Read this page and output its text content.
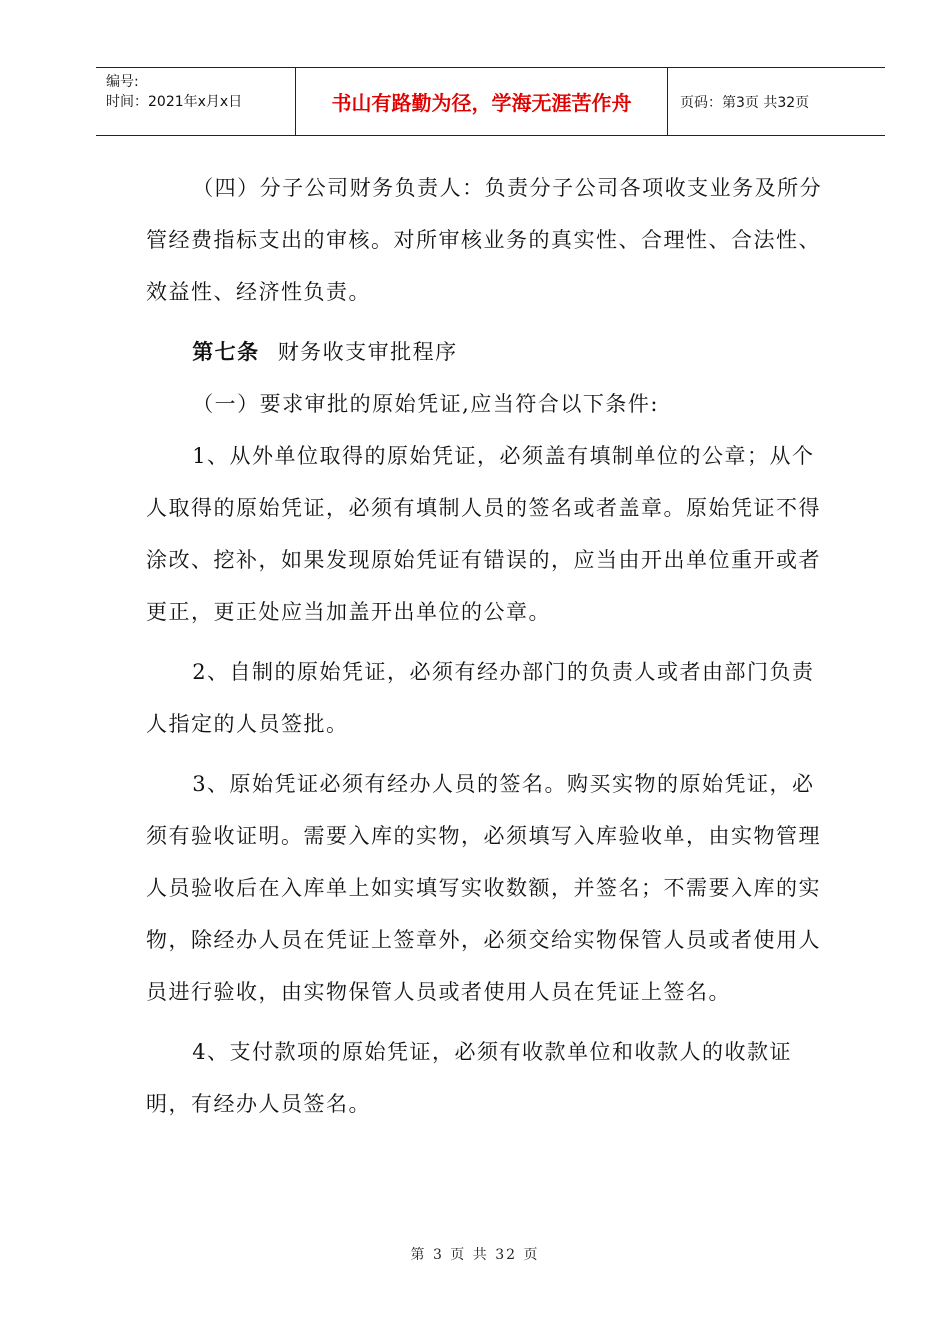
编号:
时间：2021年x月x日	书山有路勤为径，学海无涯苦作舟	页码：第3页 共32页

（四）分子公司财务负责人：负责分子公司各项收支业务及所分管经费指标支出的审核。对所审核业务的真实性、合理性、合法性、效益性、经济性负责。

第七条 财务收支审批程序

（一）要求审批的原始凭证,应当符合以下条件:

1、从外单位取得的原始凭证，必须盖有填制单位的公章；从个人取得的原始凭证，必须有填制人员的签名或者盖章。原始凭证不得涂改、挖补，如果发现原始凭证有错误的，应当由开出单位重开或者更正，更正处应当加盖开出单位的公章。

2、自制的原始凭证，必须有经办部门的负责人或者由部门负责人指定的人员签批。

3、原始凭证必须有经办人员的签名。购买实物的原始凭证，必须有验收证明。需要入库的实物，必须填写入库验收单，由实物管理人员验收后在入库单上如实填写实收数额，并签名；不需要入库的实物，除经办人员在凭证上签章外，必须交给实物保管人员或者使用人员进行验收，由实物保管人员或者使用人员在凭证上签名。

4、支付款项的原始凭证，必须有收款单位和收款人的收款证明，有经办人员签名。

第 3 页 共 32 页
